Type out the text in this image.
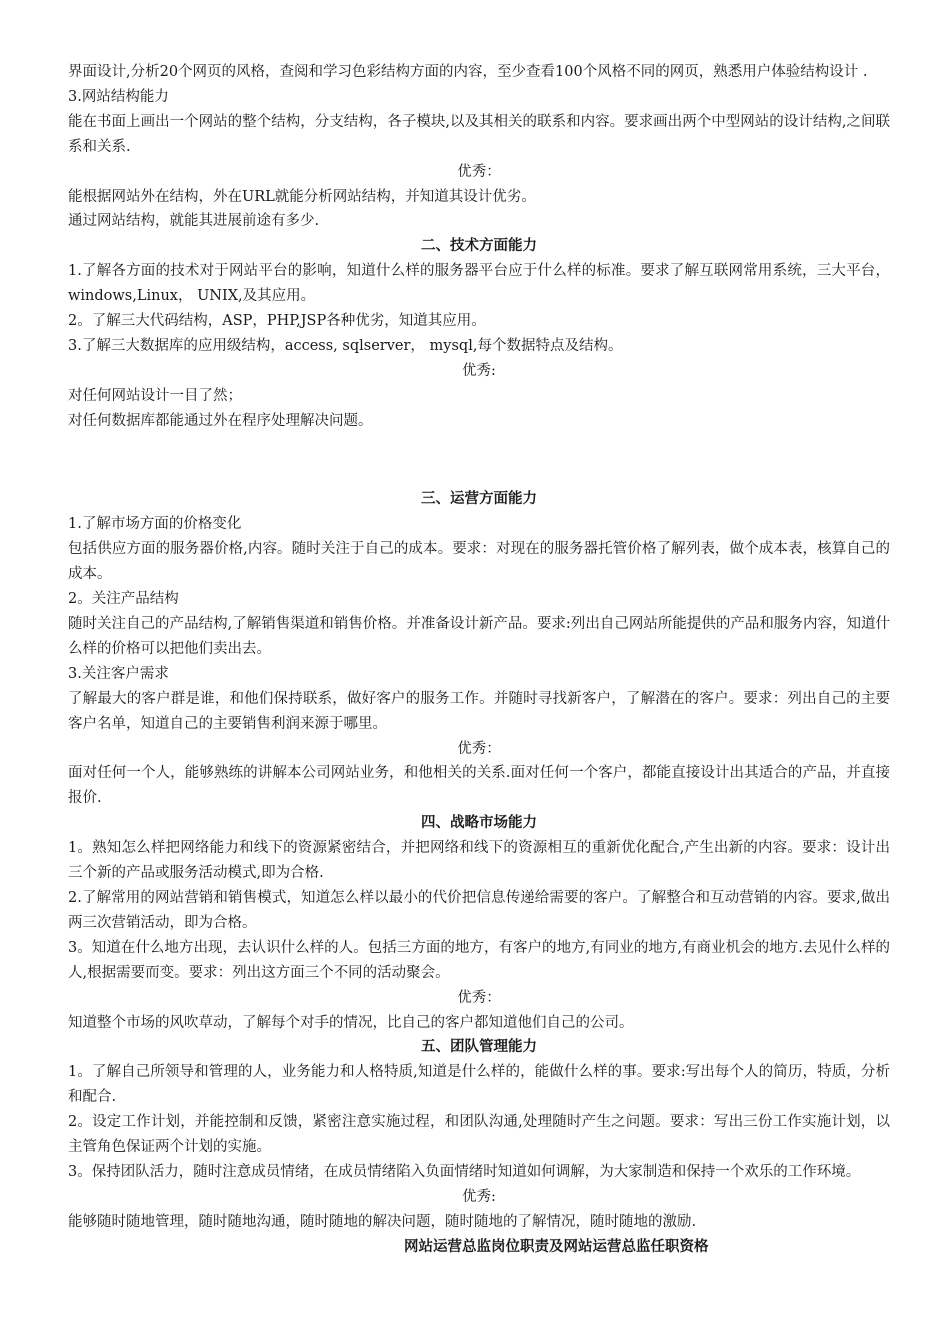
界面设计,分析20个网页的风格，查阅和学习色彩结构方面的内容，至少查看100个风格不同的网页，熟悉用户体验结构设计 .

3.网站结构能力

能在书面上画出一个网站的整个结构，分支结构，各子模块,以及其相关的联系和内容。要求画出两个中型网站的设计结构,之间联系和关系.

优秀：

能根据网站外在结构，外在URL就能分析网站结构，并知道其设计优劣。

通过网站结构，就能其进展前途有多少.

二、技术方面能力

1.了解各方面的技术对于网站平台的影响，知道什么样的服务器平台应于什么样的标准。要求了解互联网常用系统，三大平台，windows,Linux， UNIX,及其应用。

2。了解三大代码结构，ASP，PHP,JSP各种优劣，知道其应用。

3.了解三大数据库的应用级结构，access, sqlserver， mysql,每个数据特点及结构。

优秀:

对任何网站设计一目了然；

对任何数据库都能通过外在程序处理解决问题。

三、运营方面能力

1.了解市场方面的价格变化

包括供应方面的服务器价格,内容。随时关注于自己的成本。要求：对现在的服务器托管价格了解列表，做个成本表，核算自己的成本。

2。关注产品结构

随时关注自己的产品结构,了解销售渠道和销售价格。并准备设计新产品。要求:列出自己网站所能提供的产品和服务内容，知道什么样的价格可以把他们卖出去。

3.关注客户需求

了解最大的客户群是谁，和他们保持联系，做好客户的服务工作。并随时寻找新客户，了解潜在的客户。要求：列出自己的主要客户名单，知道自己的主要销售利润来源于哪里。

优秀：

面对任何一个人，能够熟练的讲解本公司网站业务，和他相关的关系.面对任何一个客户，都能直接设计出其适合的产品，并直接报价.

四、战略市场能力

1。熟知怎么样把网络能力和线下的资源紧密结合，并把网络和线下的资源相互的重新优化配合,产生出新的内容。要求：设计出三个新的产品或服务活动模式,即为合格.

2.了解常用的网站营销和销售模式，知道怎么样以最小的代价把信息传递给需要的客户。了解整合和互动营销的内容。要求,做出两三次营销活动，即为合格。

3。知道在什么地方出现，去认识什么样的人。包括三方面的地方，有客户的地方,有同业的地方,有商业机会的地方.去见什么样的人,根据需要而变。要求：列出这方面三个不同的活动聚会。

优秀：

知道整个市场的风吹草动，了解每个对手的情况，比自己的客户都知道他们自己的公司。

五、团队管理能力

1。了解自己所领导和管理的人，业务能力和人格特质,知道是什么样的，能做什么样的事。要求:写出每个人的简历，特质，分析和配合.

2。设定工作计划，并能控制和反馈，紧密注意实施过程，和团队沟通,处理随时产生之问题。要求：写出三份工作实施计划，以主管角色保证两个计划的实施。

3。保持团队活力，随时注意成员情绪，在成员情绪陷入负面情绪时知道如何调解，为大家制造和保持一个欢乐的工作环境。

优秀:

能够随时随地管理，随时随地沟通，随时随地的解决问题，随时随地的了解情况，随时随地的激励.

网站运营总监岗位职责及网站运营总监任职资格
